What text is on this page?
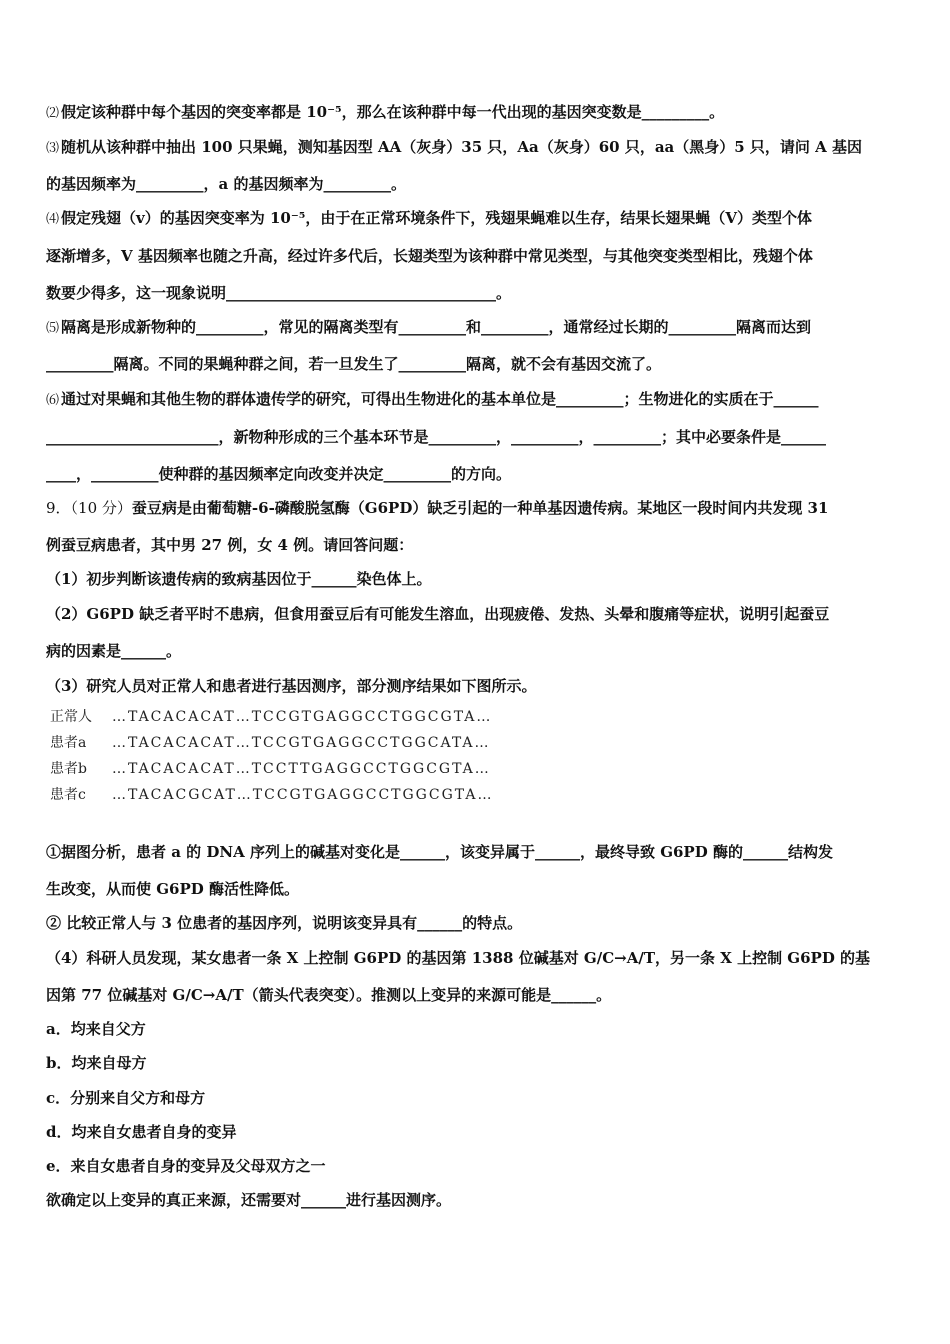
⑵ 假定该种群中每个基因的突变率都是 10⁻⁵，那么在该种群中每一代出现的基因突变数是_________。
⑶ 随机从该种群中抽出 100 只果蝇，测知基因型 AA（灰身）35 只，Aa（灰身）60 只，aa（黑身）5 只，请问 A 基因
的基因频率为_________，a 的基因频率为_________。
⑷ 假定残翅（v）的基因突变率为 10⁻⁵，由于在正常环境条件下，残翅果蝇难以生存，结果长翅果蝇（V）类型个体
逐渐增多，V 基因频率也随之升高，经过许多代后，长翅类型为该种群中常见类型，与其他突变类型相比，残翅个体
数要少得多，这一现象说明____________________________________。
⑸ 隔离是形成新物种的_________，常见的隔离类型有_________和_________，通常经过长期的_________隔离而达到
_________隔离。不同的果蝇种群之间，若一旦发生了_________隔离，就不会有基因交流了。
⑹ 通过对果蝇和其他生物的群体遗传学的研究，可得出生物进化的基本单位是_________；生物进化的实质在于______
_______________________，新物种形成的三个基本环节是_________，_________，_________；其中必要条件是______
____，_________使种群的基因频率定向改变并决定_________的方向。
9．（10 分）蚕豆病是由葡萄糖-6-磷酸脱氢酶（G6PD）缺乏引起的一种单基因遗传病。某地区一段时间内共发现 31
例蚕豆病患者，其中男 27 例，女 4 例。请回答问题：
（1）初步判断该遗传病的致病基因位于______染色体上。
（2）G6PD 缺乏者平时不患病，但食用蚕豆后有可能发生溶血，出现疲倦、发热、头晕和腹痛等症状，说明引起蚕豆
病的因素是______。
（3）研究人员对正常人和患者进行基因测序，部分测序结果如下图所示。
正常人 …TACACACAT…TCCGTGAGGCCTGGCGTA…
患者a …TACACACAT…TCCGTGAGGCCTGGCATA…
患者b …TACACACAT…TCCTTGAGGCCTGGCGTA…
患者c …TACACGCAT…TCCGTGAGGCCTGGCGTA…
①据图分析，患者 a 的 DNA 序列上的碱基对变化是______，该变异属于______，最终导致 G6PD 酶的______结构发
生改变，从而使 G6PD 酶活性降低。
② 比较正常人与 3 位患者的基因序列，说明该变异具有______的特点。
（4）科研人员发现，某女患者一条 X 上控制 G6PD 的基因第 1388 位碱基对 G/C→A/T，另一条 X 上控制 G6PD 的基
因第 77 位碱基对 G/C→A/T（箭头代表突变）。推测以上变异的来源可能是______。
a．均来自父方
b．均来自母方
c．分别来自父方和母方
d．均来自女患者自身的变异
e．来自女患者自身的变异及父母双方之一
欲确定以上变异的真正来源，还需要对______进行基因测序。
